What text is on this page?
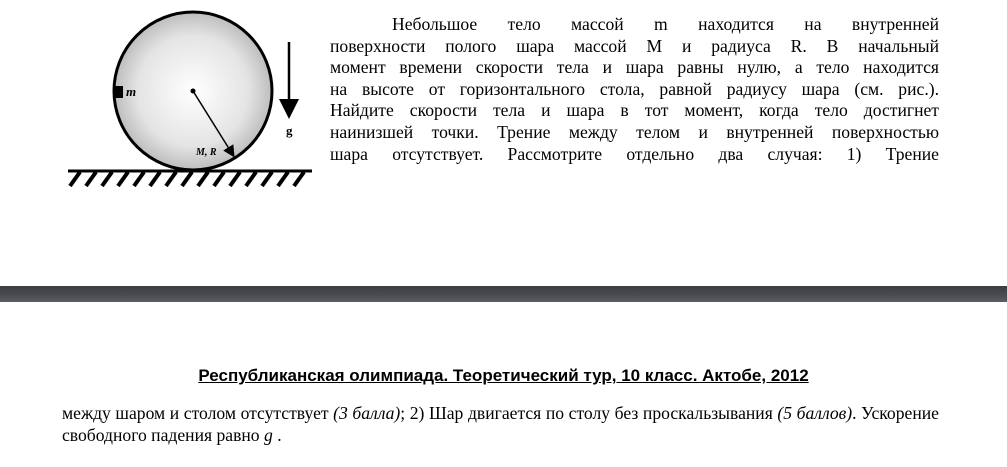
m
M, R
g
Небольшое тело массой m находится на внутренней
поверхности полого шара массой M и радиуса R. В начальный
момент времени скорости тела и шара равны нулю, а тело находится
на высоте от горизонтального стола, равной радиусу шара (см. рис.).
Найдите скорости тела и шара в тот момент, когда тело достигнет
наинизшей точки. Трение между телом и внутренней поверхностью
шара отсутствует. Рассмотрите отдельно два случая: 1) Трение
Республиканская олимпиада. Теоретический тур, 10 класс. Актобе, 2012
между шаром и столом отсутствует (3 балла); 2) Шар двигается по столу без проскальзывания (5 баллов). Ускорение свободного падения равно g .
